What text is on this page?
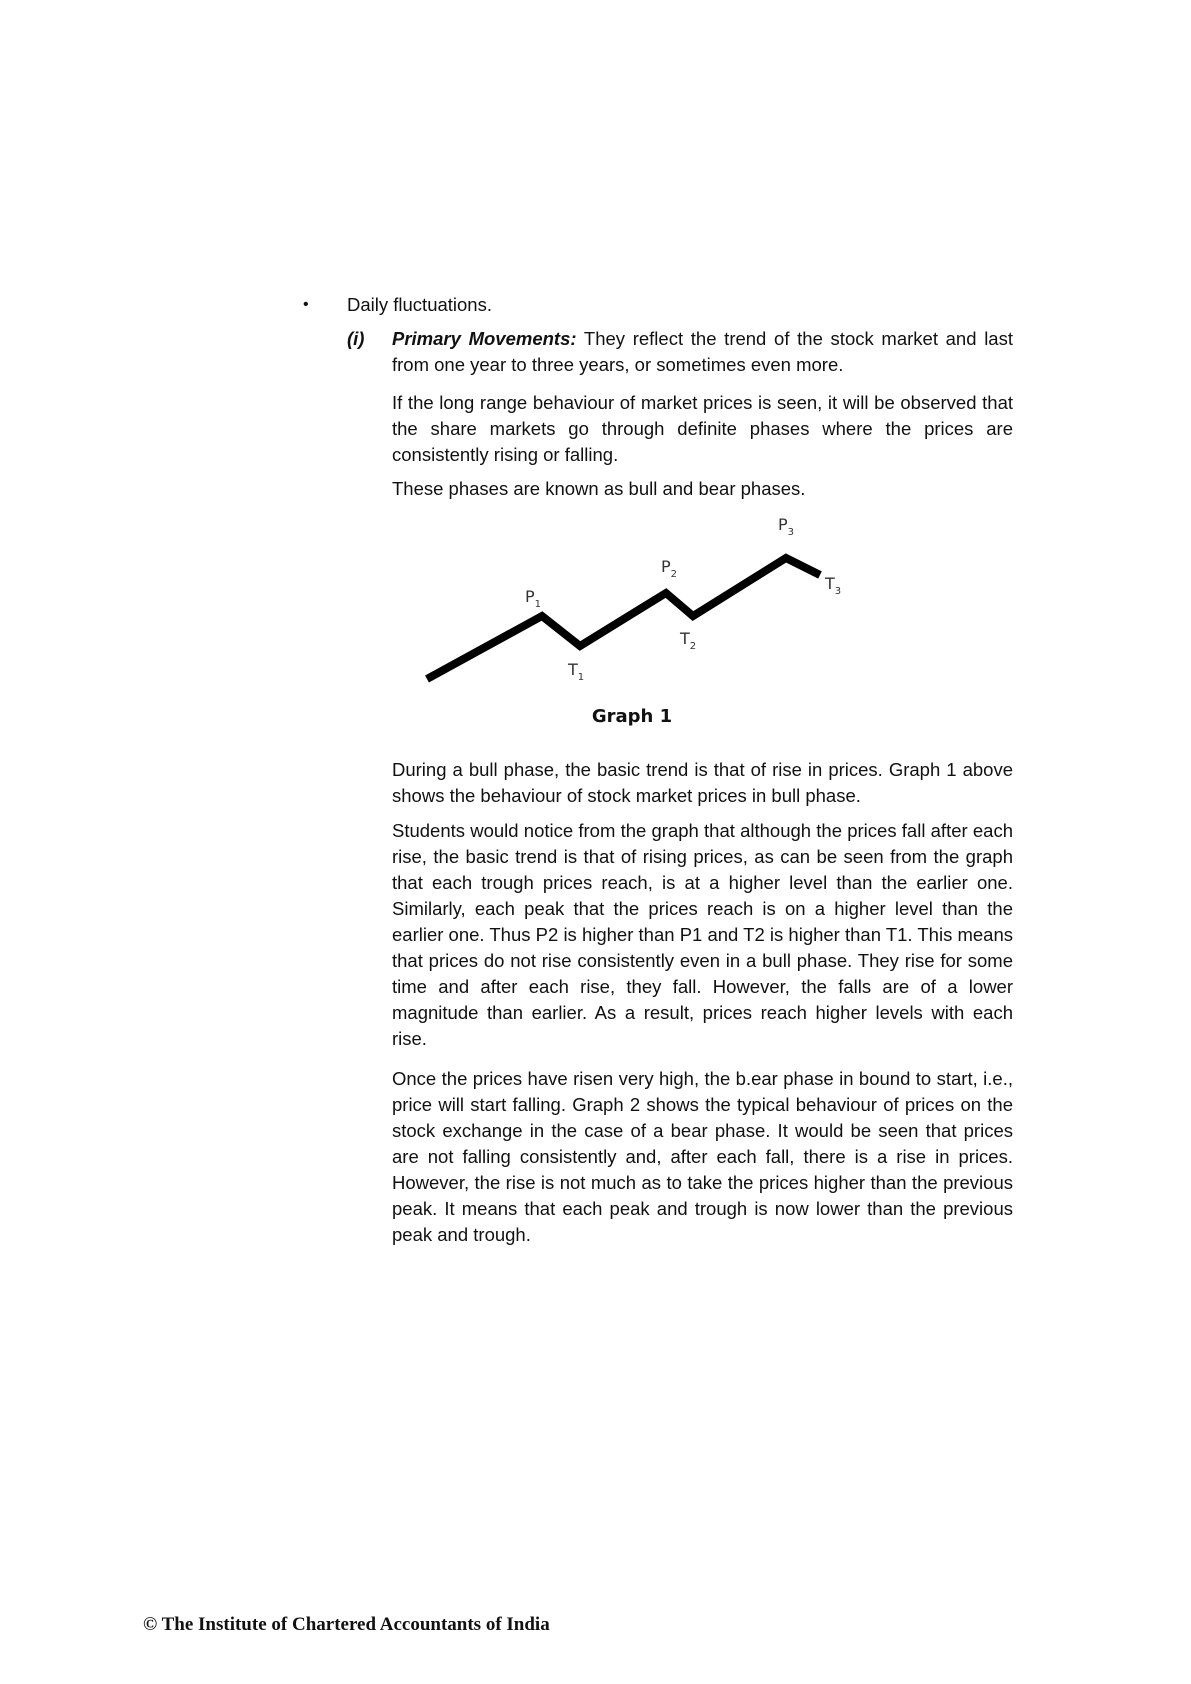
•	Daily fluctuations.
(i)	Primary Movements: They reflect the trend of the stock market and last from one year to three years, or sometimes even more.

If the long range behaviour of market prices is seen, it will be observed that the share markets go through definite phases where the prices are consistently rising or falling.

These phases are known as bull and bear phases.

$P_1$
$T_1$
$P_2$
$T_2$
$P_3$
$T_3$
Graph 1

During a bull phase, the basic trend is that of rise in prices. Graph 1 above shows the behaviour of stock market prices in bull phase.

Students would notice from the graph that although the prices fall after each rise, the basic trend is that of rising prices, as can be seen from the graph that each trough prices reach, is at a higher level than the earlier one. Similarly, each peak that the prices reach is on a higher level than the earlier one. Thus P2 is higher than P1 and T2 is higher than T1. This means that prices do not rise consistently even in a bull phase. They rise for some time and after each rise, they fall. However, the falls are of a lower magnitude than earlier. As a result, prices reach higher levels with each rise.

Once the prices have risen very high, the b.ear phase in bound to start, i.e., price will start falling. Graph 2 shows the typical behaviour of prices on the stock exchange in the case of a bear phase. It would be seen that prices are not falling consistently and, after each fall, there is a rise in prices. However, the rise is not much as to take the prices higher than the previous peak. It means that each peak and trough is now lower than the previous peak and trough.

© The Institute of Chartered Accountants of India
